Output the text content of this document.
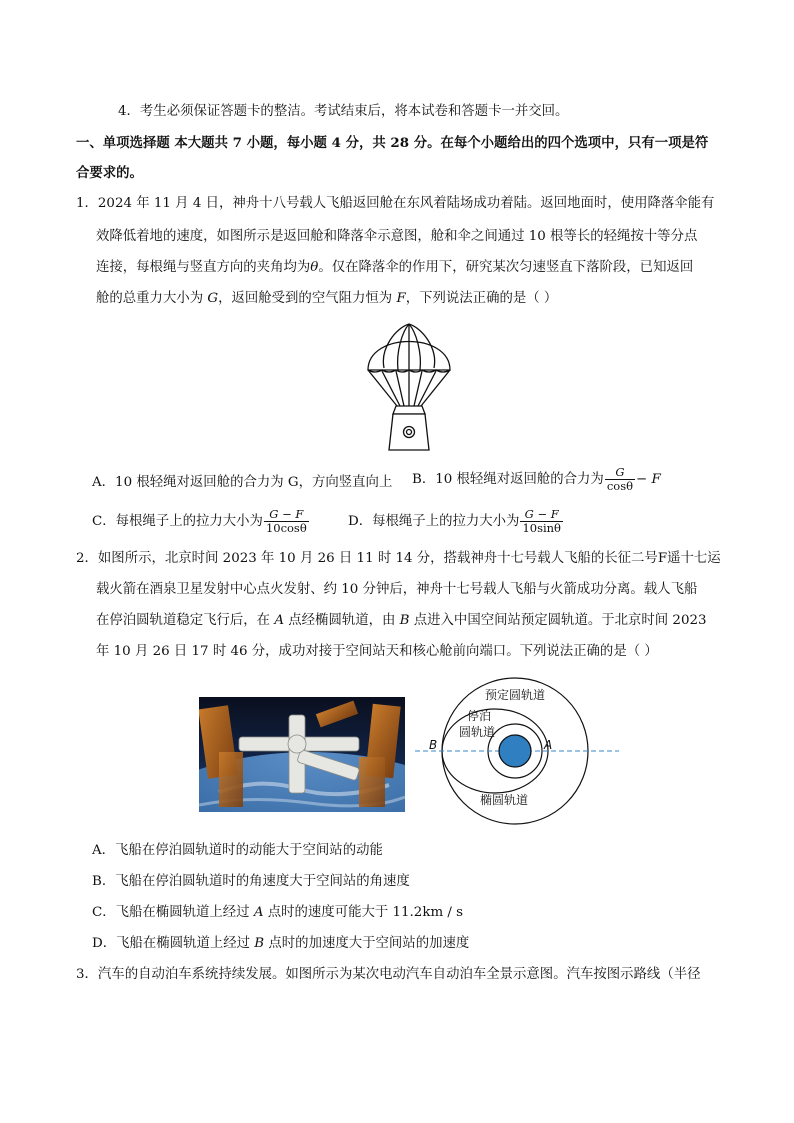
4．考生必须保证答题卡的整洁。考试结束后，将本试卷和答题卡一并交回。
一、单项选择题 本大题共 7 小题，每小题 4 分，共 28 分。在每个小题给出的四个选项中，只有一项是符
合要求的。
1．2024 年 11 月 4 日，神舟十八号载人飞船返回舱在东风着陆场成功着陆。返回地面时，使用降落伞能有
效降低着地的速度，如图所示是返回舱和降落伞示意图，舱和伞之间通过 10 根等长的轻绳按十等分点
连接，每根绳与竖直方向的夹角均为θ。仅在降落伞的作用下，研究某次匀速竖直下落阶段，已知返回
舱的总重力大小为 G，返回舱受到的空气阻力恒为 F，下列说法正确的是（ ）
A．10 根轻绳对返回舱的合力为 G，方向竖直向上 B．10 根轻绳对返回舱的合力为 $\frac{G}{\cos\theta} - F$
C．每根绳子上的拉力大小为 $\frac{G - F}{10\cos\theta}$	D．每根绳子上的拉力大小为 $\frac{G - F}{10\sin\theta}$
2．如图所示，北京时间 2023 年 10 月 26 日 11 时 14 分，搭载神舟十七号载人飞船的长征二号F遥十七运
载火箭在酒泉卫星发射中心点火发射、约 10 分钟后，神舟十七号载人飞船与火箭成功分离。载人飞船
在停泊圆轨道稳定飞行后，在 A 点经椭圆轨道，由 B 点进入中国空间站预定圆轨道。于北京时间 2023
年 10 月 26 日 17 时 46 分，成功对接于空间站天和核心舱前向端口。下列说法正确的是（ ）
预定圆轨道
停泊
圆轨道
椭圆轨道
B	A
A．飞船在停泊圆轨道时的动能大于空间站的动能
B．飞船在停泊圆轨道时的角速度大于空间站的角速度
C．飞船在椭圆轨道上经过 A 点时的速度可能大于 11.2km / s
D．飞船在椭圆轨道上经过 B 点时的加速度大于空间站的加速度
3．汽车的自动泊车系统持续发展。如图所示为某次电动汽车自动泊车全景示意图。汽车按图示路线（半径
